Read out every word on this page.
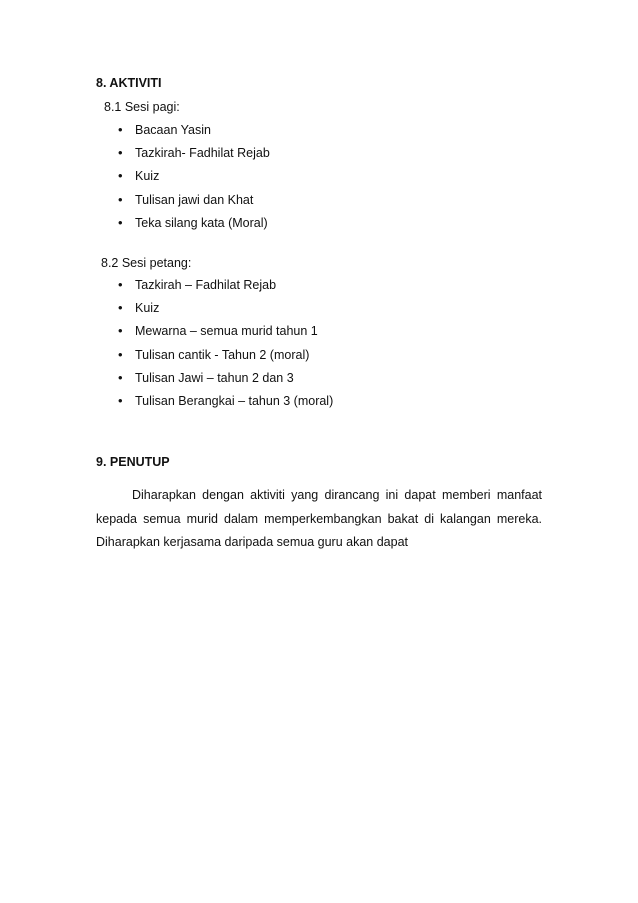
8. AKTIVITI
8.1 Sesi pagi:
• Bacaan Yasin
• Tazkirah- Fadhilat Rejab
• Kuiz
• Tulisan jawi dan Khat
• Teka silang kata (Moral)
8.2 Sesi petang:
• Tazkirah – Fadhilat Rejab
• Kuiz
• Mewarna – semua murid tahun 1
• Tulisan cantik - Tahun 2 (moral)
• Tulisan Jawi – tahun 2 dan 3
• Tulisan Berangkai – tahun 3 (moral)
9. PENUTUP

Diharapkan dengan aktiviti yang dirancang ini dapat memberi manfaat kepada semua murid dalam memperkembangkan bakat di kalangan mereka. Diharapkan kerjasama daripada semua guru akan dapat
